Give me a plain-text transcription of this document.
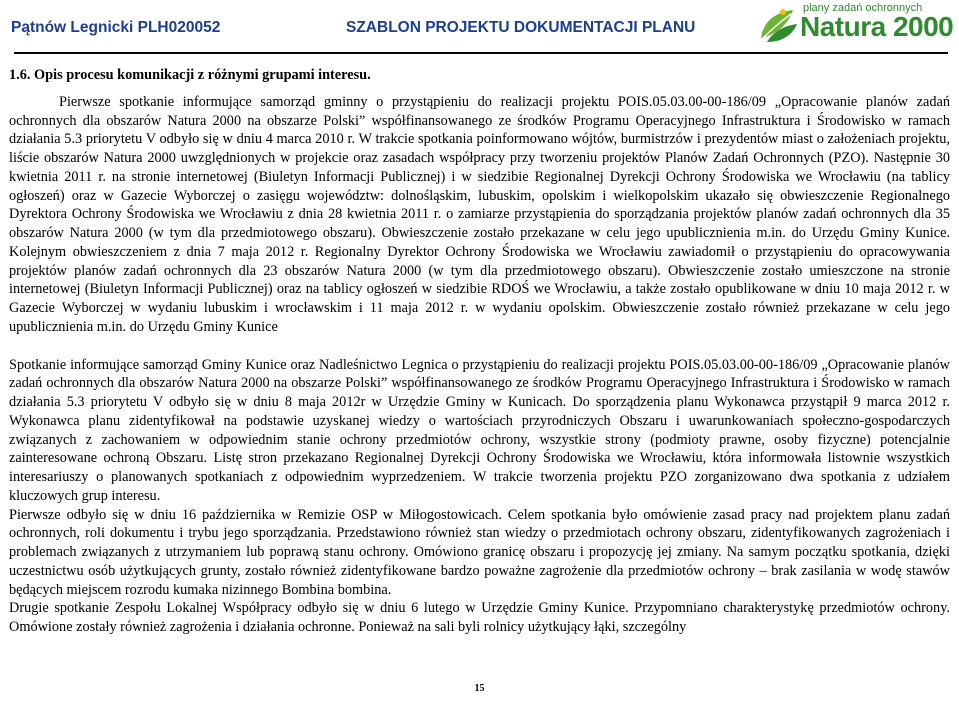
Pątnów Legnicki PLH020052	SZABLON PROJEKTU DOKUMENTACJI PLANU
plany zadań ochronnych
Natura 2000
1.6. Opis procesu komunikacji z różnymi grupami interesu.

Pierwsze spotkanie informujące samorząd gminny o przystąpieniu do realizacji projektu POIS.05.03.00-00-186/09 „Opracowanie planów zadań ochronnych dla obszarów Natura 2000 na obszarze Polski” współfinansowanego ze środków Programu Operacyjnego Infrastruktura i Środowisko w ramach działania 5.3 priorytetu V odbyło się w dniu 4 marca 2010 r. W trakcie spotkania poinformowano wójtów, burmistrzów i prezydentów miast o założeniach projektu, liście obszarów Natura 2000 uwzględnionych w projekcie oraz zasadach współpracy przy tworzeniu projektów Planów Zadań Ochronnych (PZO). Następnie 30 kwietnia 2011 r. na stronie internetowej (Biuletyn Informacji Publicznej) i w siedzibie Regionalnej Dyrekcji Ochrony Środowiska we Wrocławiu (na tablicy ogłoszeń) oraz w Gazecie Wyborczej o zasięgu województw: dolnośląskim, lubuskim, opolskim i wielkopolskim ukazało się obwieszczenie Regionalnego Dyrektora Ochrony Środowiska we Wrocławiu z dnia 28 kwietnia 2011 r. o zamiarze przystąpienia do sporządzania projektów planów zadań ochronnych dla 35 obszarów Natura 2000 (w tym dla przedmiotowego obszaru). Obwieszczenie zostało przekazane w celu jego upublicznienia m.in. do Urzędu Gminy Kunice. Kolejnym obwieszczeniem z dnia 7 maja 2012 r. Regionalny Dyrektor Ochrony Środowiska we Wrocławiu zawiadomił o przystąpieniu do opracowywania projektów planów zadań ochronnych dla 23 obszarów Natura 2000 (w tym dla przedmiotowego obszaru). Obwieszczenie zostało umieszczone na stronie internetowej (Biuletyn Informacji Publicznej) oraz na tablicy ogłoszeń w siedzibie RDOŚ we Wrocławiu, a także zostało opublikowane w dniu 10 maja 2012 r. w Gazecie Wyborczej w wydaniu lubuskim i wrocławskim i 11 maja 2012 r. w wydaniu opolskim. Obwieszczenie zostało również przekazane w celu jego upublicznienia m.in. do Urzędu Gminy Kunice

Spotkanie informujące samorząd Gminy Kunice oraz Nadleśnictwo Legnica o przystąpieniu do realizacji projektu POIS.05.03.00-00-186/09 „Opracowanie planów zadań ochronnych dla obszarów Natura 2000 na obszarze Polski” współfinansowanego ze środków Programu Operacyjnego Infrastruktura i Środowisko w ramach działania 5.3 priorytetu V odbyło się w dniu 8 maja 2012r w Urzędzie Gminy w Kunicach. Do sporządzenia planu Wykonawca przystąpił 9 marca 2012 r. Wykonawca planu zidentyfikował na podstawie uzyskanej wiedzy o wartościach przyrodniczych Obszaru i uwarunkowaniach społeczno-gospodarczych związanych z zachowaniem w odpowiednim stanie ochrony przedmiotów ochrony, wszystkie strony (podmioty prawne, osoby fizyczne) potencjalnie zainteresowane ochroną Obszaru. Listę stron przekazano Regionalnej Dyrekcji Ochrony Środowiska we Wrocławiu, która informowała listownie wszystkich interesariuszy o planowanych spotkaniach z odpowiednim wyprzedzeniem. W trakcie tworzenia projektu PZO zorganizowano dwa spotkania z udziałem kluczowych grup interesu.

Pierwsze odbyło się w dniu 16 października w Remizie OSP w Miłogostowicach. Celem spotkania było omówienie zasad pracy nad projektem planu zadań ochronnych, roli dokumentu i trybu jego sporządzania. Przedstawiono również stan wiedzy o przedmiotach ochrony obszaru, zidentyfikowanych zagrożeniach i problemach związanych z utrzymaniem lub poprawą stanu ochrony. Omówiono granicę obszaru i propozycję jej zmiany. Na samym początku spotkania, dzięki uczestnictwu osób użytkujących grunty, zostało również zidentyfikowane bardzo poważne zagrożenie dla przedmiotów ochrony – brak zasilania w wodę stawów będących miejscem rozrodu kumaka nizinnego Bombina bombina.

Drugie spotkanie Zespołu Lokalnej Współpracy odbyło się w dniu 6 lutego w Urzędzie Gminy Kunice. Przypomniano charakterystykę przedmiotów ochrony. Omówione zostały również zagrożenia i działania ochronne. Ponieważ na sali byli rolnicy użytkujący łąki, szczególny

15
